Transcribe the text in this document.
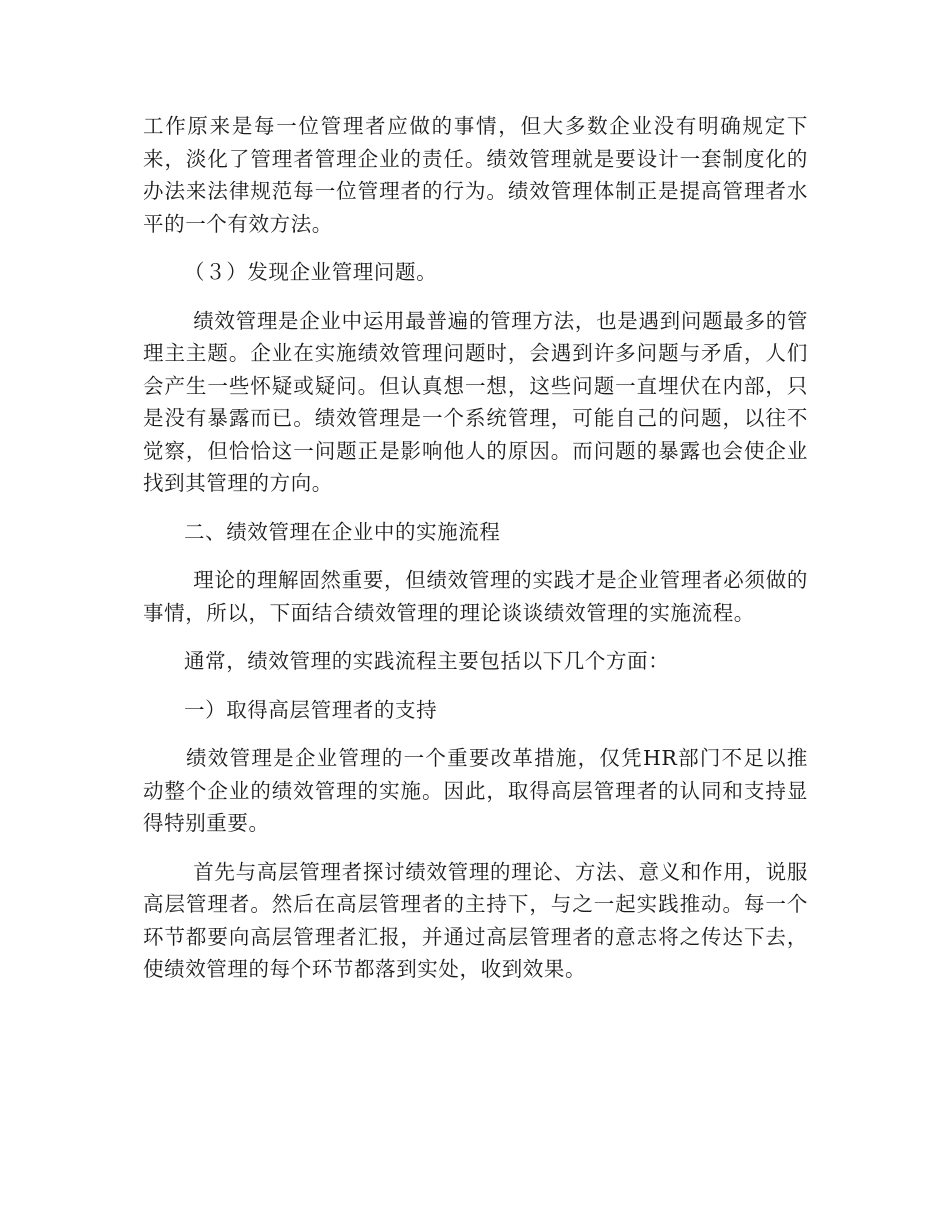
工作原来是每一位管理者应做的事情，但大多数企业没有明确规定下来，淡化了管理者管理企业的责任。绩效管理就是要设计一套制度化的办法来法律规范每一位管理者的行为。绩效管理体制正是提高管理者水平的一个有效方法。

（３）发现企业管理问题。

绩效管理是企业中运用最普遍的管理方法，也是遇到问题最多的管理主主题。企业在实施绩效管理问题时，会遇到许多问题与矛盾，人们会产生一些怀疑或疑问。但认真想一想，这些问题一直埋伏在内部，只是没有暴露而已。绩效管理是一个系统管理，可能自己的问题，以往不觉察，但恰恰这一问题正是影响他人的原因。而问题的暴露也会使企业找到其管理的方向。

二、绩效管理在企业中的实施流程

理论的理解固然重要，但绩效管理的实践才是企业管理者必须做的事情，所以，下面结合绩效管理的理论谈谈绩效管理的实施流程。

通常，绩效管理的实践流程主要包括以下几个方面：

一）取得高层管理者的支持

绩效管理是企业管理的一个重要改革措施，仅凭HR部门不足以推动整个企业的绩效管理的实施。因此，取得高层管理者的认同和支持显得特别重要。

首先与高层管理者探讨绩效管理的理论、方法、意义和作用，说服高层管理者。然后在高层管理者的主持下，与之一起实践推动。每一个环节都要向高层管理者汇报，并通过高层管理者的意志将之传达下去，使绩效管理的每个环节都落到实处，收到效果。
